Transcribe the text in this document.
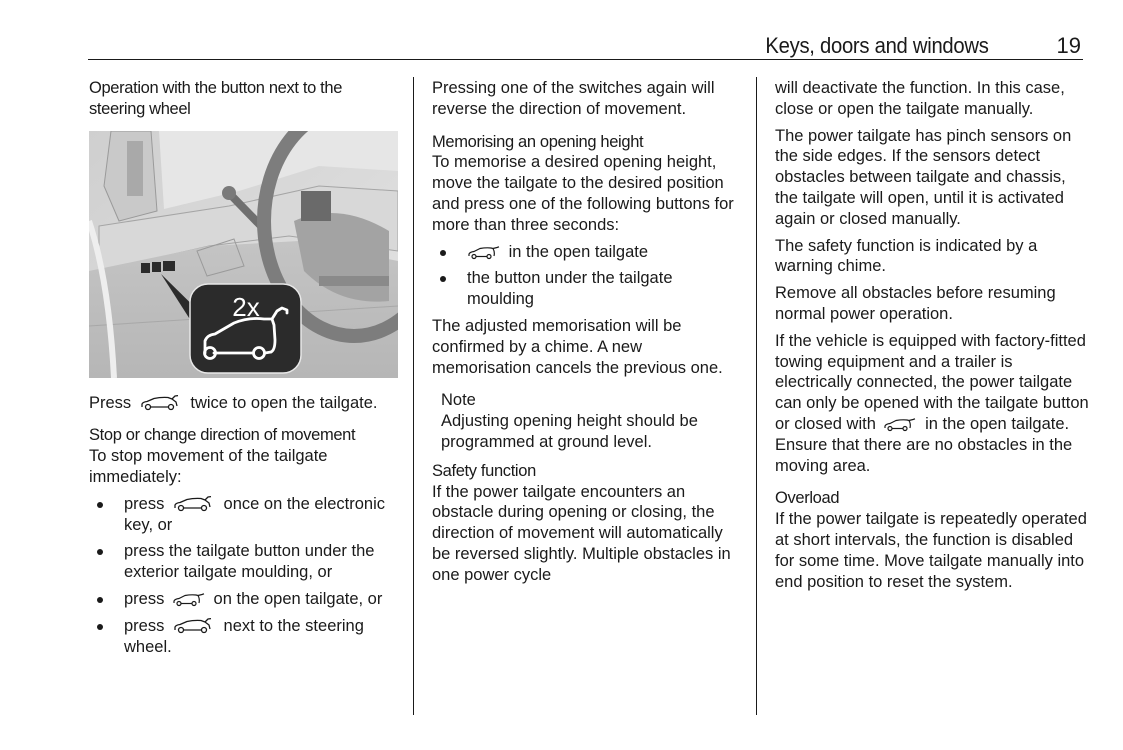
Keys, doors and windows	19
Operation with the button next to the steering wheel
2x
Press	twice to open the tailgate.
Stop or change direction of movement
To stop movement of the tailgate immediately:
press	once on the electronic key, or
press the tailgate button under the exterior tailgate moulding, or
press	on the open tailgate, or
press	next to the steering wheel.
Pressing one of the switches again will reverse the direction of movement.
Memorising an opening height
To memorise a desired opening height, move the tailgate to the desired position and press one of the following buttons for more than three seconds:
in the open tailgate
the button under the tailgate moulding
The adjusted memorisation will be confirmed by a chime. A new memorisation cancels the previous one.
Note
Adjusting opening height should be programmed at ground level.
Safety function
If the power tailgate encounters an obstacle during opening or closing, the direction of movement will automatically be reversed slightly. Multiple obstacles in one power cycle
will deactivate the function. In this case, close or open the tailgate manually.
The power tailgate has pinch sensors on the side edges. If the sensors detect obstacles between tailgate and chassis, the tailgate will open, until it is activated again or closed manually.
The safety function is indicated by a warning chime.
Remove all obstacles before resuming normal power operation.
If the vehicle is equipped with factory-fitted towing equipment and a trailer is electrically connected, the power tailgate can only be opened with the tailgate button or closed with	in the open tailgate. Ensure that there are no obstacles in the moving area.
Overload
If the power tailgate is repeatedly operated at short intervals, the function is disabled for some time. Move tailgate manually into end position to reset the system.
